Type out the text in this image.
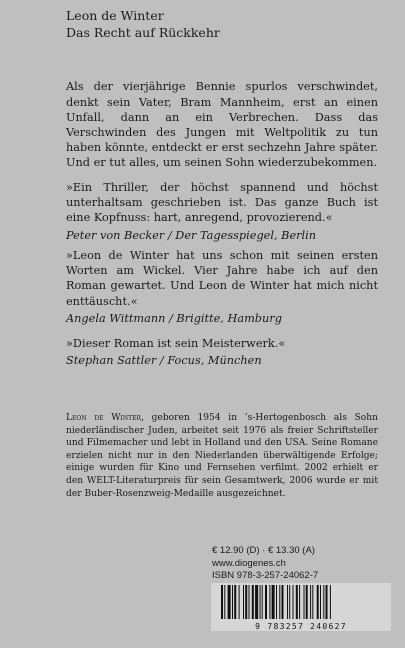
Leon de Winter
Das Recht auf Rückkehr

Als der vierjährige Bennie spurlos verschwindet, denkt sein Vater, Bram Mannheim, erst an einen Unfall, dann an ein Verbrechen. Dass das Verschwinden des Jungen mit Weltpolitik zu tun haben könnte, entdeckt er erst sechzehn Jahre später. Und er tut alles, um seinen Sohn wiederzubekommen.

»Ein Thriller, der höchst spannend und höchst unterhaltsam geschrieben ist. Das ganze Buch ist eine Kopfnuss: hart, anregend, provozierend.«

Peter von Becker / Der Tagesspiegel, Berlin

»Leon de Winter hat uns schon mit seinen ersten Worten am Wickel. Vier Jahre habe ich auf den Roman gewartet. Und Leon de Winter hat mich nicht enttäuscht.«

Angela Wittmann / Brigitte, Hamburg

»Dieser Roman ist sein Meisterwerk.«

Stephan Sattler / Focus, München

Leon de Winter, geboren 1954 in ’s-Hertogenbosch als Sohn niederländischer Juden, arbeitet seit 1976 als freier Schriftsteller und Filmemacher und lebt in Holland und den USA. Seine Romane erzielen nicht nur in den Niederlanden überwältigende Erfolge; einige wurden für Kino und Fernsehen verfilmt. 2002 erhielt er den WELT-Literaturpreis für sein Gesamtwerk, 2006 wurde er mit der Buber-Rosenzweig-Medaille ausgezeichnet.

€ 12.90 (D) · € 13.30 (A)
www.diogenes.ch
ISBN 978-3-257-24062-7
9 783257 240627
